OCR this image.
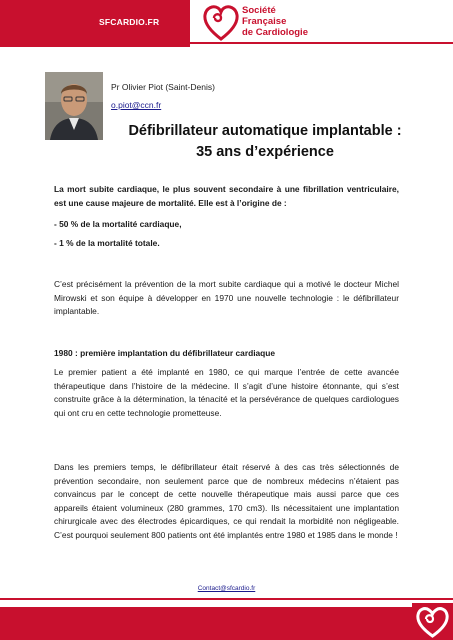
SFCARDIO.FR
Société
Française
de Cardiologie
Pr Olivier Piot (Saint-Denis)
o.piot@ccn.fr
Défibrillateur automatique implantable :
35 ans d’expérience

La mort subite cardiaque, le plus souvent secondaire à une fibrillation ventriculaire, est une cause majeure de mortalité. Elle est à l’origine de :

- 50 % de la mortalité cardiaque,

- 1 % de la mortalité totale.

C’est précisément la prévention de la mort subite cardiaque qui a motivé le docteur Michel Mirowski et son équipe à développer en 1970 une nouvelle technologie : le défibrillateur implantable.

1980 : première implantation du défibrillateur cardiaque

Le premier patient a été implanté en 1980, ce qui marque l’entrée de cette avancée thérapeutique dans l’histoire de la médecine. Il s’agit d’une histoire étonnante, qui s’est construite grâce à la détermination, la ténacité et la persévérance de quelques cardiologues qui ont cru en cette technologie prometteuse.

Dans les premiers temps, le défibrillateur était réservé à des cas très sélectionnés de prévention secondaire, non seulement parce que de nombreux médecins n’étaient pas convaincus par le concept de cette nouvelle thérapeutique mais aussi parce que ces appareils étaient volumineux (280 grammes, 170 cm3). Ils nécessitaient une implantation chirurgicale avec des électrodes épicardiques, ce qui rendait la morbidité non négligeable. C’est pourquoi seulement 800 patients ont été implantés entre 1980 et 1985 dans le monde !

Contact@sfcardio.fr
